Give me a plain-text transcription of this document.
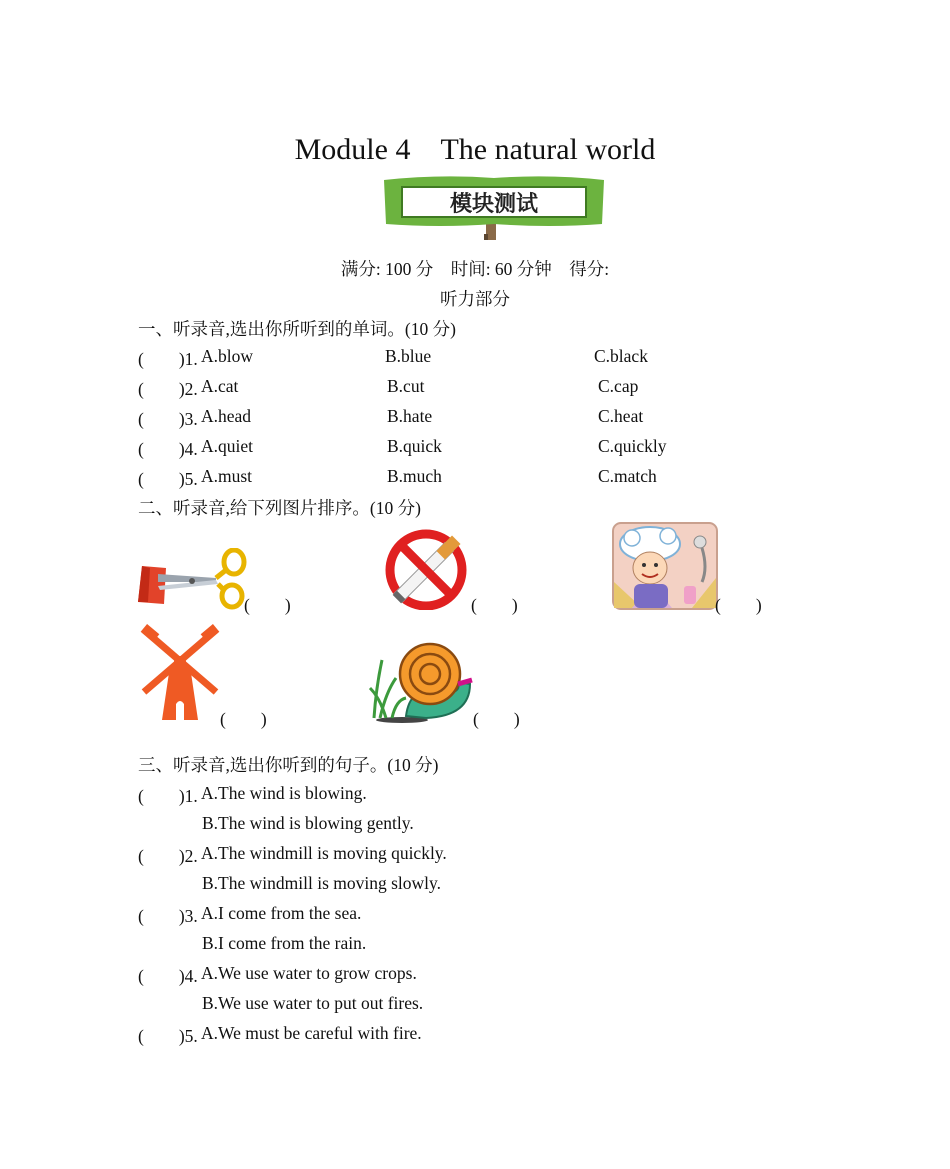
Module 4　The natural world
模块测试
满分: 100 分　时间: 60 分钟　得分:
听力部分
一、听录音,选出你所听到的单词。(10 分)
(　　)1. A.blow	B.blue	C.black
(　　)2. A.cat	B.cut	C.cap
(　　)3. A.head	B.hate	C.heat
(　　)4. A.quiet	B.quick	C.quickly
(　　)5. A.must	B.much	C.match
二、听录音,给下列图片排序。(10 分)
(　　)	(　　)	(　　)
(　　)	(　　)
三、听录音,选出你听到的句子。(10 分)
(　　)1. A.The wind is blowing.
B.The wind is blowing gently.
(　　)2. A.The windmill is moving quickly.
B.The windmill is moving slowly.
(　　)3. A.I come from the sea.
B.I come from the rain.
(　　)4. A.We use water to grow crops.
B.We use water to put out fires.
(　　)5. A.We must be careful with fire.
